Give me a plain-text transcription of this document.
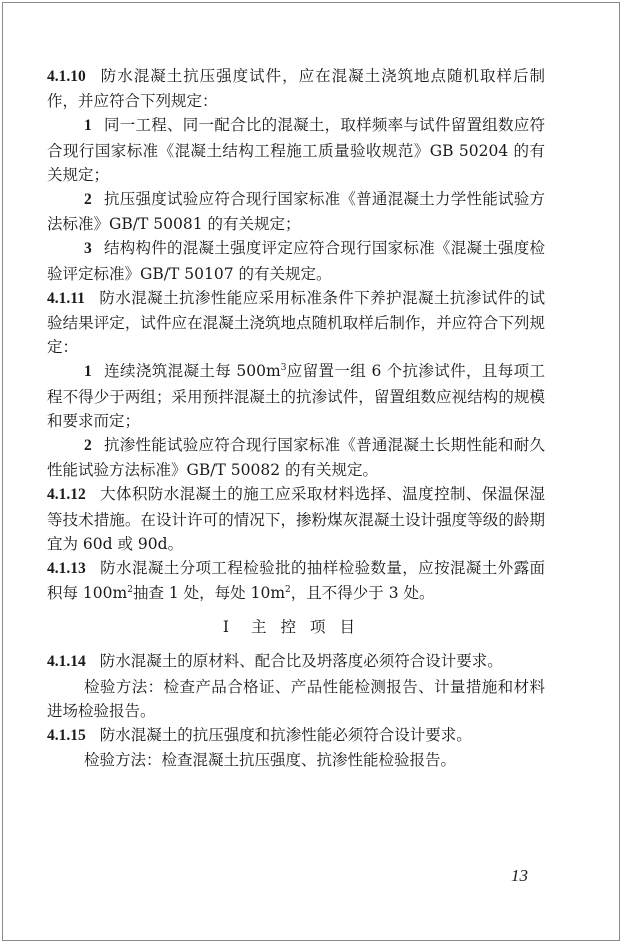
4.1.10 防水混凝土抗压强度试件，应在混凝土浇筑地点随机取样后制作，并应符合下列规定：

1 同一工程、同一配合比的混凝土，取样频率与试件留置组数应符合现行国家标准《混凝土结构工程施工质量验收规范》GB 50204 的有关规定；

2 抗压强度试验应符合现行国家标准《普通混凝土力学性能试验方法标准》GB/T 50081 的有关规定；

3 结构构件的混凝土强度评定应符合现行国家标准《混凝土强度检验评定标准》GB/T 50107 的有关规定。

4.1.11 防水混凝土抗渗性能应采用标准条件下养护混凝土抗渗试件的试验结果评定，试件应在混凝土浇筑地点随机取样后制作，并应符合下列规定：

1 连续浇筑混凝土每 $500m^3$应留置一组 6 个抗渗试件，且每项工程不得少于两组；采用预拌混凝土的抗渗试件，留置组数应视结构的规模和要求而定；

2 抗渗性能试验应符合现行国家标准《普通混凝土长期性能和耐久性能试验方法标准》GB/T 50082 的有关规定。

4.1.12 大体积防水混凝土的施工应采取材料选择、温度控制、保温保湿等技术措施。在设计许可的情况下，掺粉煤灰混凝土设计强度等级的龄期宜为 60d 或 90d。

4.1.13 防水混凝土分项工程检验批的抽样检验数量，应按混凝土外露面积每 $100m^2$抽查 1 处，每处 $10m^2$，且不得少于 3 处。

Ⅰ 主控项目

4.1.14 防水混凝土的原材料、配合比及坍落度必须符合设计要求。

检验方法：检查产品合格证、产品性能检测报告、计量措施和材料进场检验报告。

4.1.15 防水混凝土的抗压强度和抗渗性能必须符合设计要求。

检验方法：检查混凝土抗压强度、抗渗性能检验报告。

13
